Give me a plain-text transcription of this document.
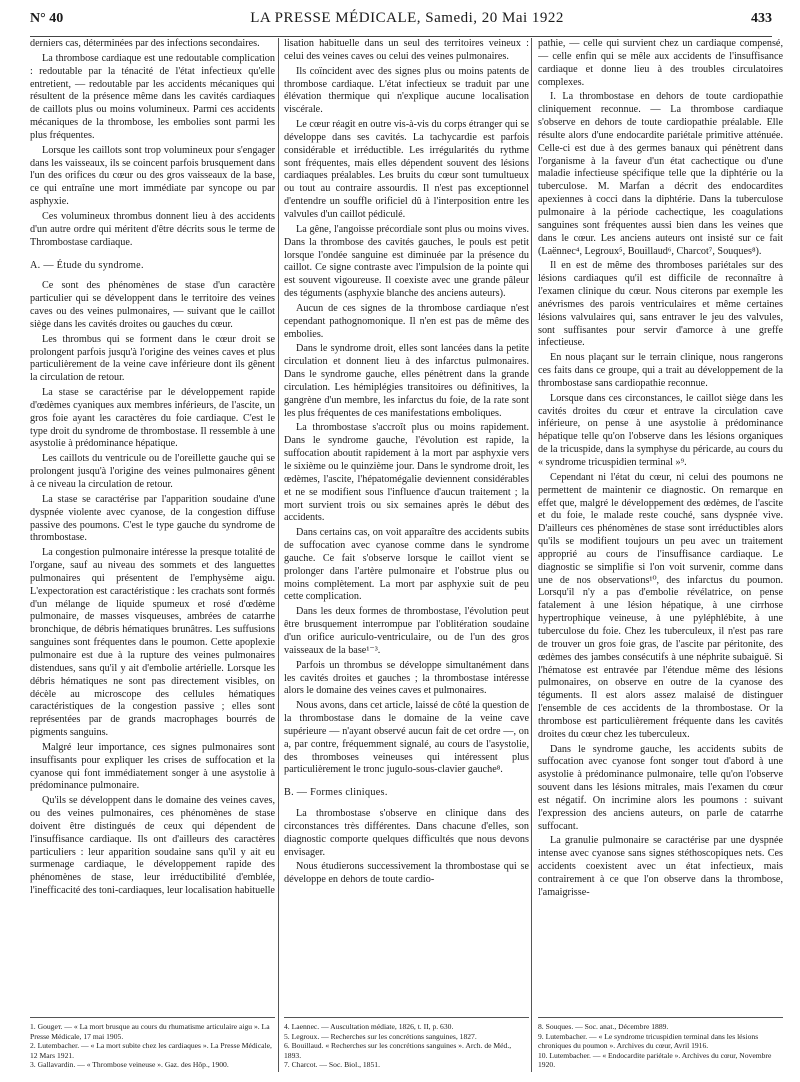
N° 40	LA PRESSE MÉDICALE, Samedi, 20 Mai 1922	433

derniers cas, déterminées par des infections secondaires.

La thrombose cardiaque est une redoutable complication : redoutable par la ténacité de l'état infectieux qu'elle entretient, — redoutable par les accidents mécaniques qui résultent de la présence même dans les cavités cardiaques de caillots plus ou moins volumineux. Parmi ces accidents mécaniques de la thrombose, les embolies sont parmi les plus fréquentes.

Lorsque les caillots sont trop volumineux pour s'engager dans les vaisseaux, ils se coincent parfois brusquement dans l'un des orifices du cœur ou des gros vaisseaux de la base, ce qui entraîne une mort immédiate par syncope ou par asphyxie.

Ces volumineux thrombus donnent lieu à des accidents d'un autre ordre qui méritent d'être décrits sous le terme de Thrombostase cardiaque.

A. — Étude du syndrome.

Ce sont des phénomènes de stase d'un caractère particulier qui se développent dans le territoire des veines caves ou des veines pulmonaires, — suivant que le caillot siège dans les cavités droites ou gauches du cœur.

Les thrombus qui se forment dans le cœur droit se prolongent parfois jusqu'à l'origine des veines caves et plus particulièrement de la veine cave inférieure dont ils gênent la circulation de retour.

La stase se caractérise par le développement rapide d'œdèmes cyaniques aux membres inférieurs, de l'ascite, un gros foie ayant les caractères du foie cardiaque. C'est le type droit du syndrome de thrombostase. Il ressemble à une asystolie à prédominance hépatique.

Les caillots du ventricule ou de l'oreillette gauche qui se prolongent jusqu'à l'origine des veines pulmonaires gênent à ce niveau la circulation de retour.

La stase se caractérise par l'apparition soudaine d'une dyspnée violente avec cyanose, de la congestion diffuse passive des poumons. C'est le type gauche du syndrome de thrombostase.

La congestion pulmonaire intéresse la presque totalité de l'organe, sauf au niveau des sommets et des languettes pulmonaires qui présentent de l'emphysème aigu. L'expectoration est caractéristique : les crachats sont formés d'un mélange de liquide spumeux et rosé d'œdème pulmonaire, de masses visqueuses, ambrées de catarrhe bronchique, de débris hématiques brunâtres. Les suffusions sanguines sont fréquentes dans le poumon. Cette apoplexie pulmonaire est due à la rupture des veines pulmonaires distendues, sans qu'il y ait d'embolie artérielle. Lorsque les débris hématiques ne sont pas directement visibles, on décèle au microscope des cellules hématiques caractéristiques de la congestion passive ; elles sont représentées par de grands macrophages bourrés de pigments sanguins.

Malgré leur importance, ces signes pulmonaires sont insuffisants pour expliquer les crises de suffocation et la cyanose qui font immédiatement songer à une asystolie à prédominance pulmonaire.

Qu'ils se développent dans le domaine des veines caves, ou des veines pulmonaires, ces phénomènes de stase doivent être distingués de ceux qui dépendent de l'insuffisance cardiaque. Ils ont d'ailleurs des caractères particuliers : leur apparition soudaine sans qu'il y ait eu surmenage cardiaque, le développement rapide des phénomènes de stase, leur irréductibilité d'emblée, l'inefficacité des toni-cardiaques, leur localisation habituelle

lisation habituelle dans un seul des territoires veineux : celui des veines caves ou celui des veines pulmonaires.

Ils coïncident avec des signes plus ou moins patents de thrombose cardiaque. L'état infectieux se traduit par une élévation thermique qui n'explique aucune localisation viscérale.

Le cœur réagit en outre vis-à-vis du corps étranger qui se développe dans ses cavités. La tachycardie est parfois considérable et irréductible. Les irrégularités du rythme sont fréquentes, mais elles dépendent souvent des lésions cardiaques préalables. Les bruits du cœur sont tumultueux ou tout au contraire assourdis. Il n'est pas exceptionnel d'entendre un souffle orificiel dû à l'interposition entre les valvules d'un caillot pédiculé.

La gêne, l'angoisse précordiale sont plus ou moins vives. Dans la thrombose des cavités gauches, le pouls est petit lorsque l'ondée sanguine est diminuée par la présence du caillot. Ce signe contraste avec l'impulsion de la pointe qui est souvent vigoureuse. Il coexiste avec une grande pâleur des téguments (asphyxie blanche des anciens auteurs).

Aucun de ces signes de la thrombose cardiaque n'est cependant pathognomonique. Il n'en est pas de même des embolies.

Dans le syndrome droit, elles sont lancées dans la petite circulation et donnent lieu à des infarctus pulmonaires. Dans le syndrome gauche, elles pénètrent dans la grande circulation. Les hémiplégies transitoires ou définitives, la gangrène d'un membre, les infarctus du foie, de la rate sont les plus fréquentes de ces manifestations emboliques.

La thrombostase s'accroît plus ou moins rapidement. Dans le syndrome gauche, l'évolution est rapide, la suffocation aboutit rapidement à la mort par asphyxie vers le sixième ou le quinzième jour. Dans le syndrome droit, les œdèmes, l'ascite, l'hépatomégalie deviennent considérables et ne se modifient sous l'influence d'aucun traitement ; la mort survient trois ou six semaines après le début des accidents.

Dans certains cas, on voit apparaître des accidents subits de suffocation avec cyanose comme dans le syndrome gauche. Ce fait s'observe lorsque le caillot vient se prolonger dans l'artère pulmonaire et l'obstrue plus ou moins complètement. La mort par asphyxie suit de peu cette complication.

Dans les deux formes de thrombostase, l'évolution peut être brusquement interrompue par l'oblitération soudaine d'un orifice auriculo-ventriculaire, ou de l'un des gros vaisseaux de la base¹⁻³.

Parfois un thrombus se développe simultanément dans les cavités droites et gauches ; la thrombostase intéresse alors le domaine des veines caves et pulmonaires.

Nous avons, dans cet article, laissé de côté la question de la thrombostase dans le domaine de la veine cave supérieure — n'ayant observé aucun fait de cet ordre —, on a, par contre, fréquemment signalé, au cours de l'asystolie, des thromboses veineuses qui intéressent plus particulièrement le tronc jugulo-sous-clavier gauche⁸.

B. — Formes cliniques.

La thrombostase s'observe en clinique dans des circonstances très différentes. Dans chacune d'elles, son diagnostic comporte quelques difficultés que nous devons envisager.

Nous étudierons successivement la thrombostase qui se développe en dehors de toute cardio-

pathie, — celle qui survient chez un cardiaque compensé, — celle enfin qui se mêle aux accidents de l'insuffisance cardiaque et donne lieu à des troubles circulatoires complexes.

I. La thrombostase en dehors de toute cardiopathie cliniquement reconnue. — La thrombose cardiaque s'observe en dehors de toute cardiopathie préalable. Elle résulte alors d'une endocardite pariétale primitive atténuée. Celle-ci est due à des germes banaux qui pénètrent dans l'organisme à la faveur d'un état cachectique ou d'une maladie infectieuse spécifique telle que la diphtérie ou la tuberculose. M. Marfan a décrit des endocardites apexiennes à cocci dans la diphtérie. Dans la tuberculose pulmonaire à la période cachectique, les coagulations sanguines sont fréquentes aussi bien dans les veines que dans le cœur. Les anciens auteurs ont insisté sur ce fait (Laënnec⁴, Legroux⁵, Bouillaud⁶, Charcot⁷, Souques⁸).

Il en est de même des thromboses pariétales sur des lésions cardiaques qu'il est difficile de reconnaître à l'examen clinique du cœur. Nous citerons par exemple les anévrismes des parois ventriculaires et même certaines lésions valvulaires qui, sans entraver le jeu des valvules, sont suffisantes pour servir d'amorce à une greffe infectieuse.

En nous plaçant sur le terrain clinique, nous rangerons ces faits dans ce groupe, qui a trait au développement de la thrombostase sans cardiopathie reconnue.

Lorsque dans ces circonstances, le caillot siège dans les cavités droites du cœur et entrave la circulation cave inférieure, on pense à une asystolie à prédominance hépatique telle qu'on l'observe dans les lésions organiques de la tricuspide, dans la symphyse du péricarde, au cours du « syndrome tricuspidien terminal »⁹.

Cependant ni l'état du cœur, ni celui des poumons ne permettent de maintenir ce diagnostic. On remarque en effet que, malgré le développement des œdèmes, de l'ascite et du foie, le malade reste couché, sans dyspnée vive. D'ailleurs ces phénomènes de stase sont irréductibles alors qu'ils se modifient toujours un peu avec un traitement approprié au cours de l'insuffisance cardiaque. Le diagnostic se simplifie si l'on voit survenir, comme dans une de nos observations¹⁰, des infarctus du poumon. Lorsqu'il n'y a pas d'embolie révélatrice, on pense fatalement à une lésion hépatique, à une cirrhose hypertrophique veineuse, à une pyléphlébite, à une tuberculose du foie. Chez les tuberculeux, il n'est pas rare de trouver un gros foie gras, de l'ascite par péritonite, des œdèmes des jambes consécutifs à une néphrite subaiguë. Si l'hématose est entravée par l'étendue même des lésions pulmonaires, on observe en outre de la cyanose des téguments. Il est alors assez malaisé de distinguer l'ensemble de ces accidents de la thrombostase. Or la thrombose est particulièrement fréquente dans les cavités droites du cœur chez les tuberculeux.

Dans le syndrome gauche, les accidents subits de suffocation avec cyanose font songer tout d'abord à une asystolie à prédominance pulmonaire, telle qu'on l'observe souvent dans les lésions mitrales, mais l'examen du cœur est négatif. On incrimine alors les poumons : suivant l'expression des anciens auteurs, on parle de catarrhe suffocant.

La granulie pulmonaire se caractérise par une dyspnée intense avec cyanose sans signes stéthoscopiques nets. Ces accidents coexistent avec un état infectieux, mais contrairement à ce que l'on observe dans la thrombose, l'amaigrisse-

1. Gougeт. — « La mort brusque au cours du rhumatisme articulaire aigu ». La Presse Médicale, 17 mai 1905.

2. Lutembacher. — « La mort subite chez les cardiaques ». La Presse Médicale, 12 Mars 1921.

3. Gallavardin. — « Thrombose veineuse ». Gaz. des Hôp., 1900.

4. Laennec. — Auscultation médiate, 1826, t. II, p. 630.

5. Legroux. — Recherches sur les concrétions sanguines, 1827.

6. Bouillaud. « Recherches sur les concrétions sanguines ». Arch. de Méd., 1893.

7. Charcot. — Soc. Biol., 1851.

8. Souques. — Soc. anat., Décembre 1889.

9. Lutembacher. — « Le syndrome tricuspidien terminal dans les lésions chroniques du poumon ». Archives du cœur, Avril 1916.

10. Lutembacher. — « Endocardite pariétale ». Archives du cœur, Novembre 1920.
